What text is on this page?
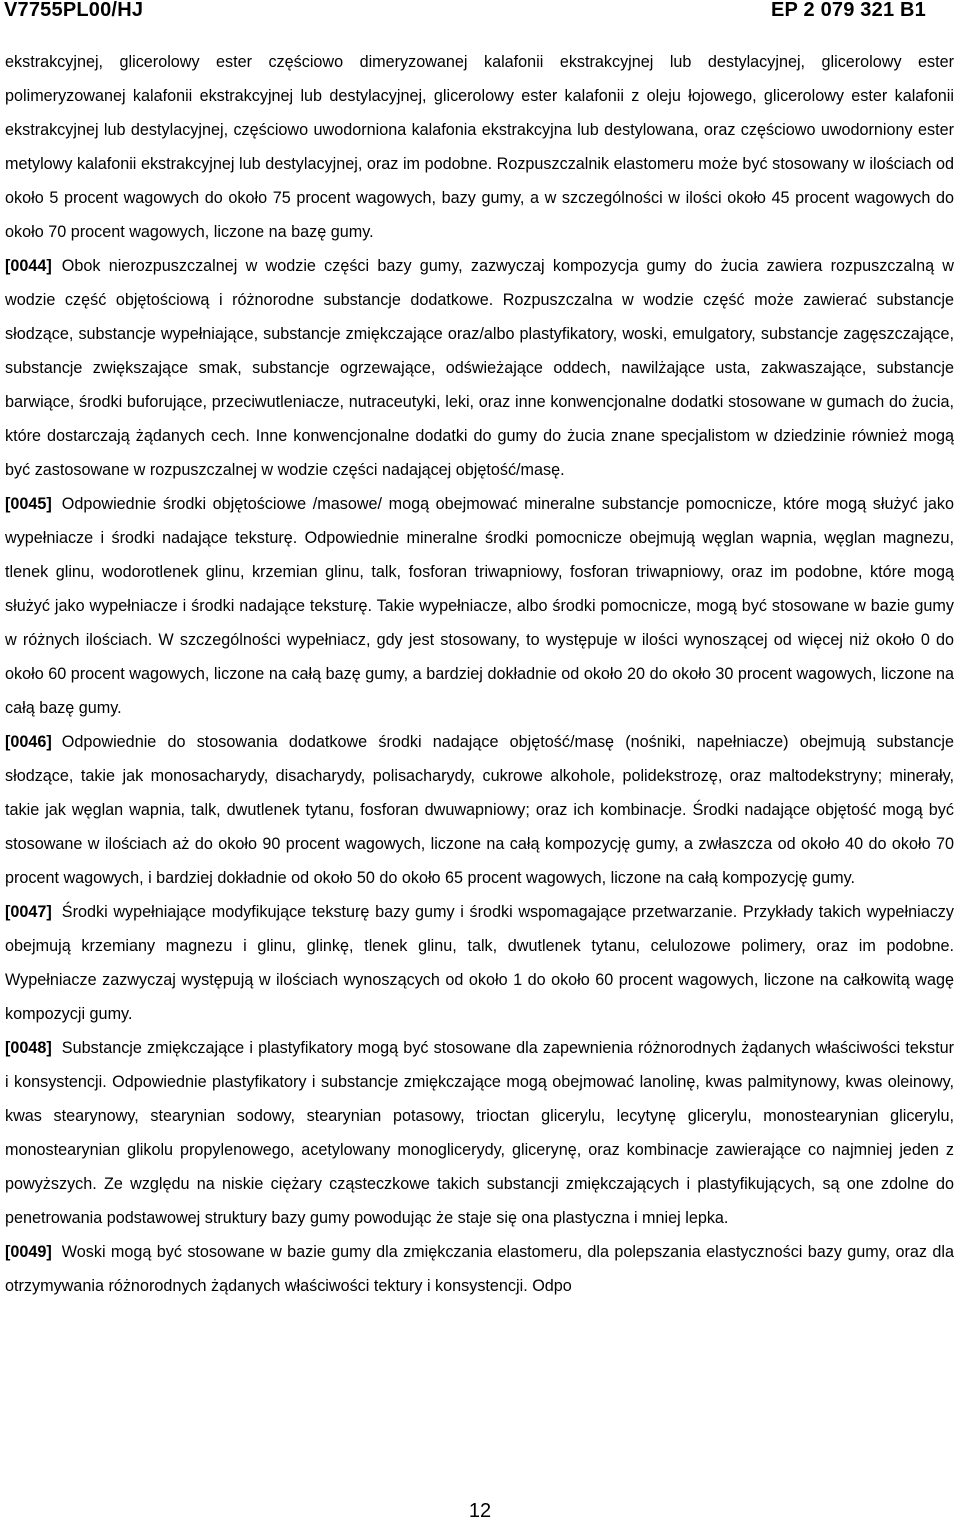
V7755PL00/HJ	EP 2 079 321 B1

ekstrakcyjnej, glicerolowy ester częściowo dimeryzowanej kalafonii ekstrakcyjnej lub destylacyjnej, glicerolowy ester polimeryzowanej kalafonii ekstrakcyjnej lub destylacyjnej, glicerolowy ester kalafonii z oleju łojowego, glicerolowy ester kalafonii ekstrakcyjnej lub destylacyjnej, częściowo uwodorniona kalafonia ekstrakcyjna lub destylowana, oraz częściowo uwodorniony ester metylowy kalafonii ekstrakcyjnej lub destylacyjnej, oraz im podobne. Rozpuszczalnik elastomeru może być stosowany w ilościach od około 5 procent wagowych do około 75 procent wagowych, bazy gumy, a w szczególności w ilości około 45 procent wagowych do około 70 procent wagowych, liczone na bazę gumy.

[0044] Obok nierozpuszczalnej w wodzie części bazy gumy, zazwyczaj kompozycja gumy do żucia zawiera rozpuszczalną w wodzie część objętościową i różnorodne substancje dodatkowe. Rozpuszczalna w wodzie część może zawierać substancje słodzące, substancje wypełniające, substancje zmiękczające oraz/albo plastyfikatory, woski, emulgatory, substancje zagęszczające, substancje zwiększające smak, substancje ogrzewające, odświeżające oddech, nawilżające usta, zakwaszające, substancje barwiące, środki buforujące, przeciwutleniacze, nutraceutyki, leki, oraz inne konwencjonalne dodatki stosowane w gumach do żucia, które dostarczają żądanych cech. Inne konwencjonalne dodatki do gumy do żucia znane specjalistom w dziedzinie również mogą być zastosowane w rozpuszczalnej w wodzie części nadającej objętość/masę.

[0045] Odpowiednie środki objętościowe /masowe/ mogą obejmować mineralne substancje pomocnicze, które mogą służyć jako wypełniacze i środki nadające teksturę. Odpowiednie mineralne środki pomocnicze obejmują węglan wapnia, węglan magnezu, tlenek glinu, wodorotlenek glinu, krzemian glinu, talk, fosforan triwapniowy, fosforan triwapniowy, oraz im podobne, które mogą służyć jako wypełniacze i środki nadające teksturę. Takie wypełniacze, albo środki pomocnicze, mogą być stosowane w bazie gumy w różnych ilościach. W szczególności wypełniacz, gdy jest stosowany, to występuje w ilości wynoszącej od więcej niż około 0 do około 60 procent wagowych, liczone na całą bazę gumy, a bardziej dokładnie od około 20 do około 30 procent wagowych, liczone na całą bazę gumy.

[0046] Odpowiednie do stosowania dodatkowe środki nadające objętość/masę (nośniki, napełniacze) obejmują substancje słodzące, takie jak monosacharydy, disacharydy, polisacharydy, cukrowe alkohole, polidekstrozę, oraz maltodekstryny; minerały, takie jak węglan wapnia, talk, dwutlenek tytanu, fosforan dwuwapniowy; oraz ich kombinacje. Środki nadające objętość mogą być stosowane w ilościach aż do około 90 procent wagowych, liczone na całą kompozycję gumy, a zwłaszcza od około 40 do około 70 procent wagowych, i bardziej dokładnie od około 50 do około 65 procent wagowych, liczone na całą kompozycję gumy.

[0047] Środki wypełniające modyfikujące teksturę bazy gumy i środki wspomagające przetwarzanie. Przykłady takich wypełniaczy obejmują krzemiany magnezu i glinu, glinkę, tlenek glinu, talk, dwutlenek tytanu, celulozowe polimery, oraz im podobne. Wypełniacze zazwyczaj występują w ilościach wynoszących od około 1 do około 60 procent wagowych, liczone na całkowitą wagę kompozycji gumy.

[0048] Substancje zmiękczające i plastyfikatory mogą być stosowane dla zapewnienia różnorodnych żądanych właściwości tekstur i konsystencji. Odpowiednie plastyfikatory i substancje zmiękczające mogą obejmować lanolinę, kwas palmitynowy, kwas oleinowy, kwas stearynowy, stearynian sodowy, stearynian potasowy, trioctan glicerylu, lecytynę glicerylu, monostearynian glicerylu, monostearynian glikolu propylenowego, acetylowany monoglicerydy, glicerynę, oraz kombinacje zawierające co najmniej jeden z powyższych. Ze względu na niskie ciężary cząsteczkowe takich substancji zmiękczających i plastyfikujących, są one zdolne do penetrowania podstawowej struktury bazy gumy powodując że staje się ona plastyczna i mniej lepka.

[0049] Woski mogą być stosowane w bazie gumy dla zmiękczania elastomeru, dla polepszania elastyczności bazy gumy, oraz dla otrzymywania różnorodnych żądanych właściwości tektury i konsystencji. Odpo

12
